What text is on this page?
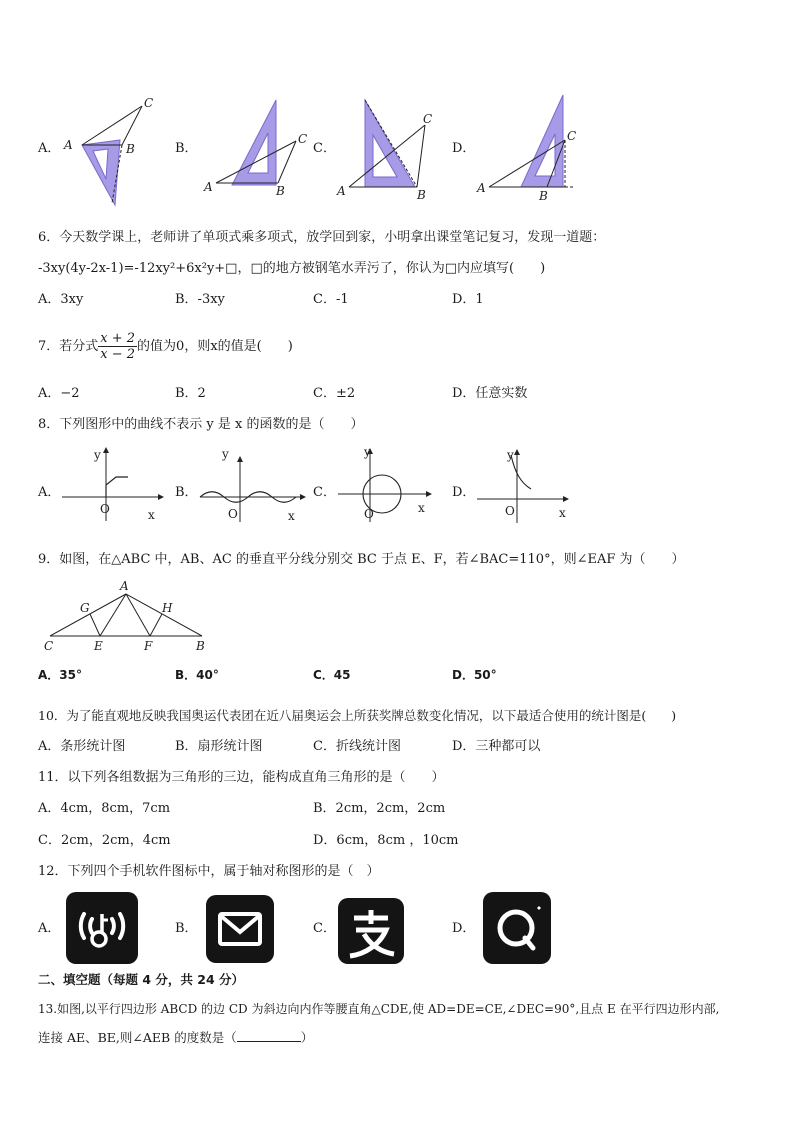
A．
C
A	B	B．
C
A	B
C．
C
A	B
D．
C
A
B
6．今天数学课上，老师讲了单项式乘多项式，放学回到家，小明拿出课堂笔记复习，发现一道题：
-3xy(4y-2x-1)=-12xy²+6x²y+□，□的地方被钢笔水弄污了，你认为□内应填写(　　)
A．3xy	B．-3xy	C．-1	D．1
7．若分式 $\frac{x + 2}{x - 2}$ 的值为0，则x的值是(　　)
A．−2	B．2	C．±2	D．任意实数
8．下列图形中的曲线不表示 y 是 x 的函数的是（　　）
A．
y
O	x
B．
y
O	x
C．
y
O	x
D．
y
O	x
9．如图，在△ABC 中，AB、AC 的垂直平分线分别交 BC 于点 E、F，若∠BAC=110°，则∠EAF 为（　　）
A
G	H
C	E	F	B
A．35°	B．40°	C．45	D．50°
10．为了能直观地反映我国奥运代表团在近八届奥运会上所获奖牌总数变化情况，以下最适合使用的统计图是(　　)
A．条形统计图	B．扇形统计图	C．折线统计图	D．三种都可以
11．以下列各组数据为三角形的三边，能构成直角三角形的是（　　）
A．4cm，8cm，7cm	B．2cm，2cm，2cm
C．2cm，2cm，4cm	D．6cm，8cm ，10cm
12．下列四个手机软件图标中，属于轴对称图形的是（　）
A．	B．	C．	D．
二、填空题（每题 4 分，共 24 分）
13.如图,以平行四边形 ABCD 的边 CD 为斜边向内作等腰直角△CDE,使 AD=DE=CE,∠DEC=90°,且点 E 在平行四边形内部,
连接 AE、BE,则∠AEB 的度数是（	）
